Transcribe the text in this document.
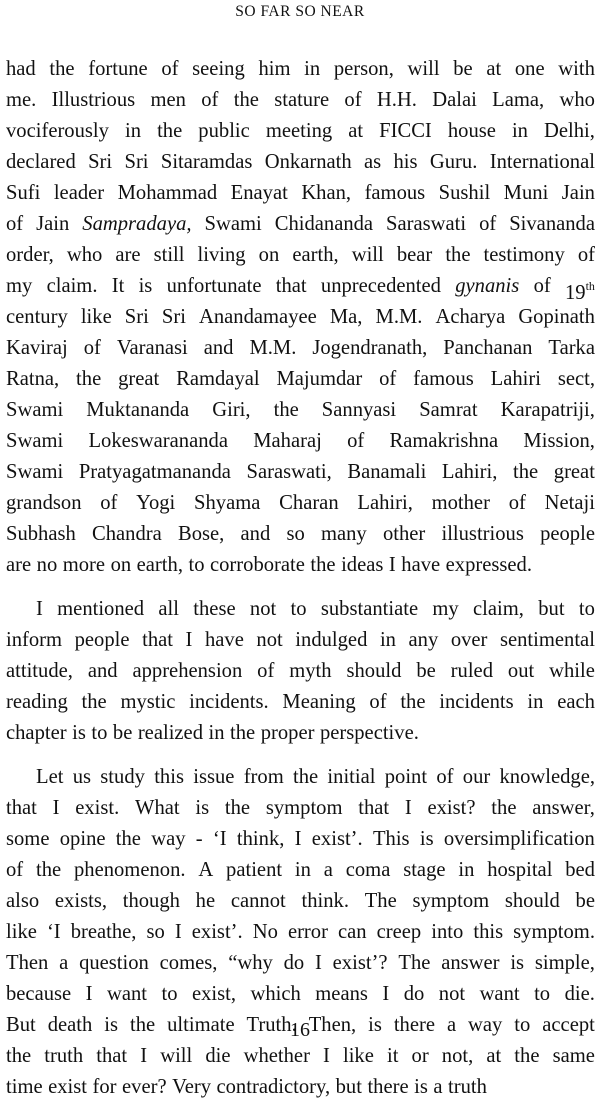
SO FAR SO NEAR
had the fortune of seeing him in person, will be at one with
me. Illustrious men of the stature of H.H. Dalai Lama, who
vociferously in the public meeting at FICCI house in Delhi,
declared Sri Sri Sitaramdas Onkarnath as his Guru. International
Sufi leader Mohammad Enayat Khan, famous Sushil Muni Jain
of Jain Sampradaya, Swami Chidananda Saraswati of Sivananda
order, who are still living on earth, will bear the testimony of
my claim. It is unfortunate that unprecedented gynanis of 19th
century like Sri Sri Anandamayee Ma, M.M. Acharya Gopinath
Kaviraj of Varanasi and M.M. Jogendranath, Panchanan Tarka
Ratna, the great Ramdayal Majumdar of famous Lahiri sect,
Swami Muktananda Giri, the Sannyasi Samrat Karapatriji,
Swami Lokeswarananda Maharaj of Ramakrishna Mission,
Swami Pratyagatmananda Saraswati, Banamali Lahiri, the great
grandson of Yogi Shyama Charan Lahiri, mother of Netaji
Subhash Chandra Bose, and so many other illustrious people
are no more on earth, to corroborate the ideas I have expressed.
I mentioned all these not to substantiate my claim, but to
inform people that I have not indulged in any over sentimental
attitude, and apprehension of myth should be ruled out while
reading the mystic incidents. Meaning of the incidents in each
chapter is to be realized in the proper perspective.
Let us study this issue from the initial point of our knowledge,
that I exist. What is the symptom that I exist? the answer,
some opine the way - ‘I think, I exist’. This is oversimplification
of the phenomenon. A patient in a coma stage in hospital bed
also exists, though he cannot think. The symptom should be
like ‘I breathe, so I exist’. No error can creep into this symptom.
Then a question comes, “why do I exist’? The answer is simple,
because I want to exist, which means I do not want to die.
But death is the ultimate Truth. Then, is there a way to accept
the truth that I will die whether I like it or not, at the same
time exist for ever? Very contradictory, but there is a truth
16
